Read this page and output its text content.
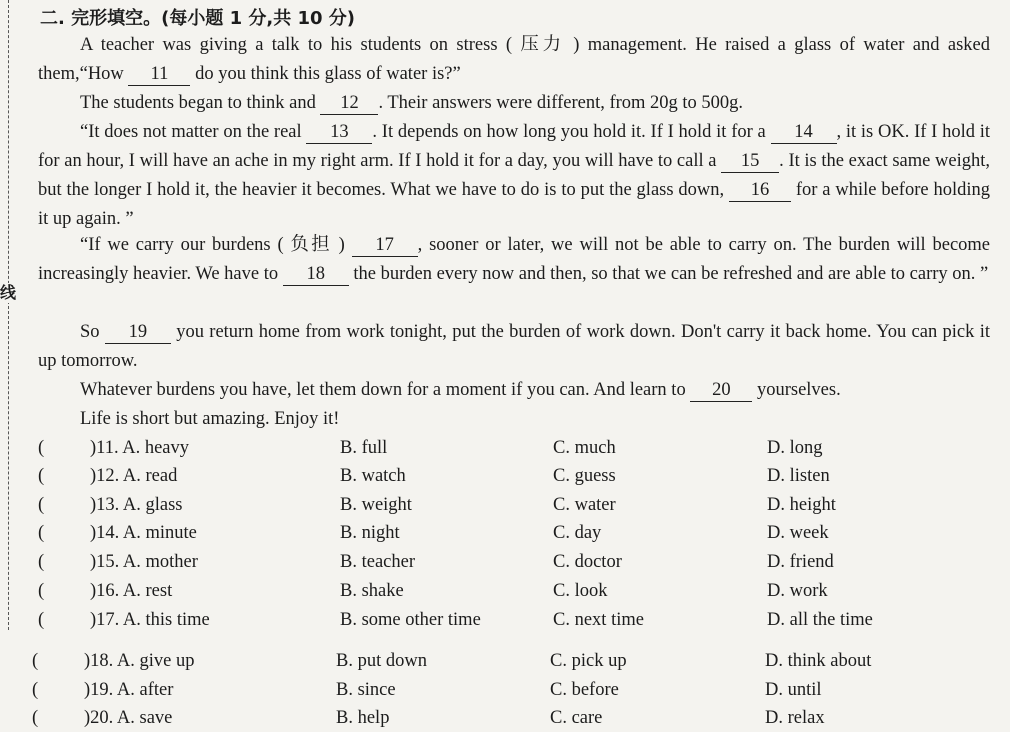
线
二. 完形填空。(每小题 1 分,共 10 分)

A teacher was giving a talk to his students on stress ( 压力 ) management. He raised a glass of water and asked them,“How 11 do you think this glass of water is?”

The students began to think and 12 . Their answers were different, from 20g to 500g.

“It does not matter on the real 13 . It depends on how long you hold it. If I hold it for a 14 , it is OK. If I hold it for an hour, I will have an ache in my right arm. If I hold it for a day, you will have to call a 15 . It is the exact same weight, but the longer I hold it, the heavier it becomes. What we have to do is to put the glass down, 16 for a while before holding it up again. ”

“If we carry our burdens ( 负担 ) 17 , sooner or later, we will not be able to carry on. The burden will become increasingly heavier. We have to 18 the burden every now and then, so that we can be refreshed and are able to carry on. ”

So 19 you return home from work tonight, put the burden of work down. Don't carry it back home. You can pick it up tomorrow.

Whatever burdens you have, let them down for a moment if you can. And learn to 20 yourselves.

Life is short but amazing. Enjoy it!

( )11. A. heavy	B. full	C. much	D. long
( )12. A. read	B. watch	C. guess	D. listen
( )13. A. glass	B. weight	C. water	D. height
( )14. A. minute	B. night	C. day	D. week
( )15. A. mother	B. teacher	C. doctor	D. friend
( )16. A. rest	B. shake	C. look	D. work
( )17. A. this time	B. some other time	C. next time	D. all the time
( )18. A. give up	B. put down	C. pick up	D. think about
( )19. A. after	B. since	C. before	D. until
( )20. A. save	B. help	C. care	D. relax
